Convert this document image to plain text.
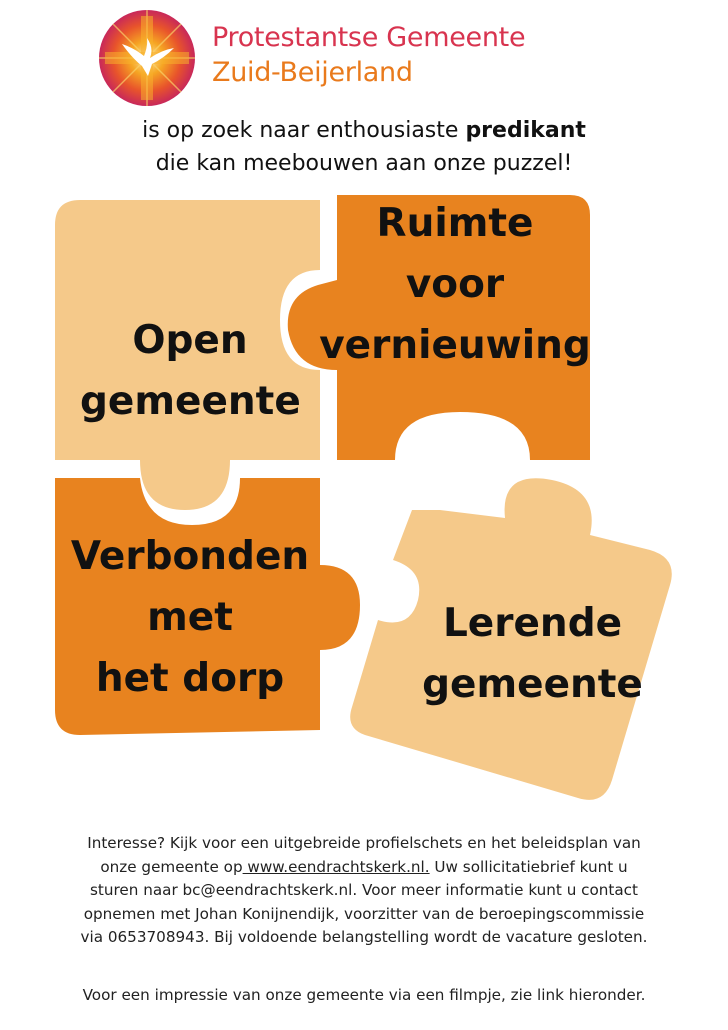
Protestantse Gemeente
Zuid-Beijerland
is op zoek naar enthousiaste predikant
die kan meebouwen aan onze puzzel!
Open
gemeente
Ruimte
voor
vernieuwing
Verbonden
met
het dorp
Lerende
gemeente
Interesse? Kijk voor een uitgebreide profielschets en het beleidsplan van
onze gemeente op www.eendrachtskerk.nl. Uw sollicitatiebrief kunt u
sturen naar bc@eendrachtskerk.nl. Voor meer informatie kunt u contact
opnemen met Johan Konijnendijk, voorzitter van de beroepingscommissie
via 0653708943. Bij voldoende belangstelling wordt de vacature gesloten.
Voor een impressie van onze gemeente via een filmpje, zie link hieronder.
